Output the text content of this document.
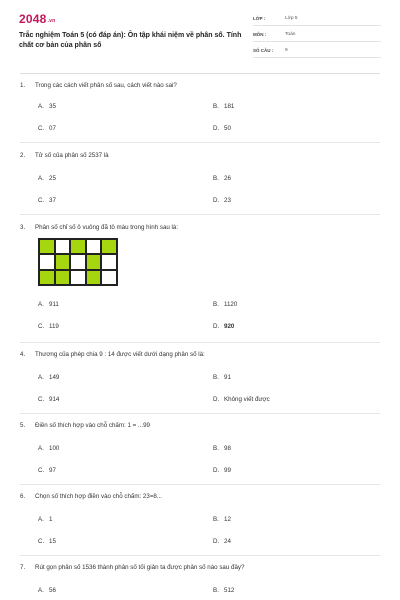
2048.vn
Trắc nghiệm Toán 5 (có đáp án): Ôn tập khái niệm về phân số. Tính chất cơ bản của phân số
LỚP :	Lớp 5
MÔN :	Toán
SỐ CÂU : 9
1. Trong các cách viết phân số sau, cách viết nào sai?
A. 35	B. 181
C. 07	D. 50
2. Tử số của phân số 2537 là
A. 25	B. 26
C. 37	D. 23
3. Phân số chỉ số ô vuông đã tô màu trong hình sau là:
A. 911	B. 1120
C. 119	D. 920
4. Thương của phép chia 9 : 14 được viết dưới dạng phân số là:
A. 149	B. 91
C. 914	D. Không viết được
5. Điền số thích hợp vào chỗ chấm: 1 = ...99
A. 100	B. 98
C. 97	D. 99
6. Chọn số thích hợp điền vào chỗ chấm: 23=8...
A. 1	B. 12
C. 15	D. 24
7. Rút gọn phân số 1536 thành phân số tối giản ta được phân số nào sau đây?
A. 56	B. 512
